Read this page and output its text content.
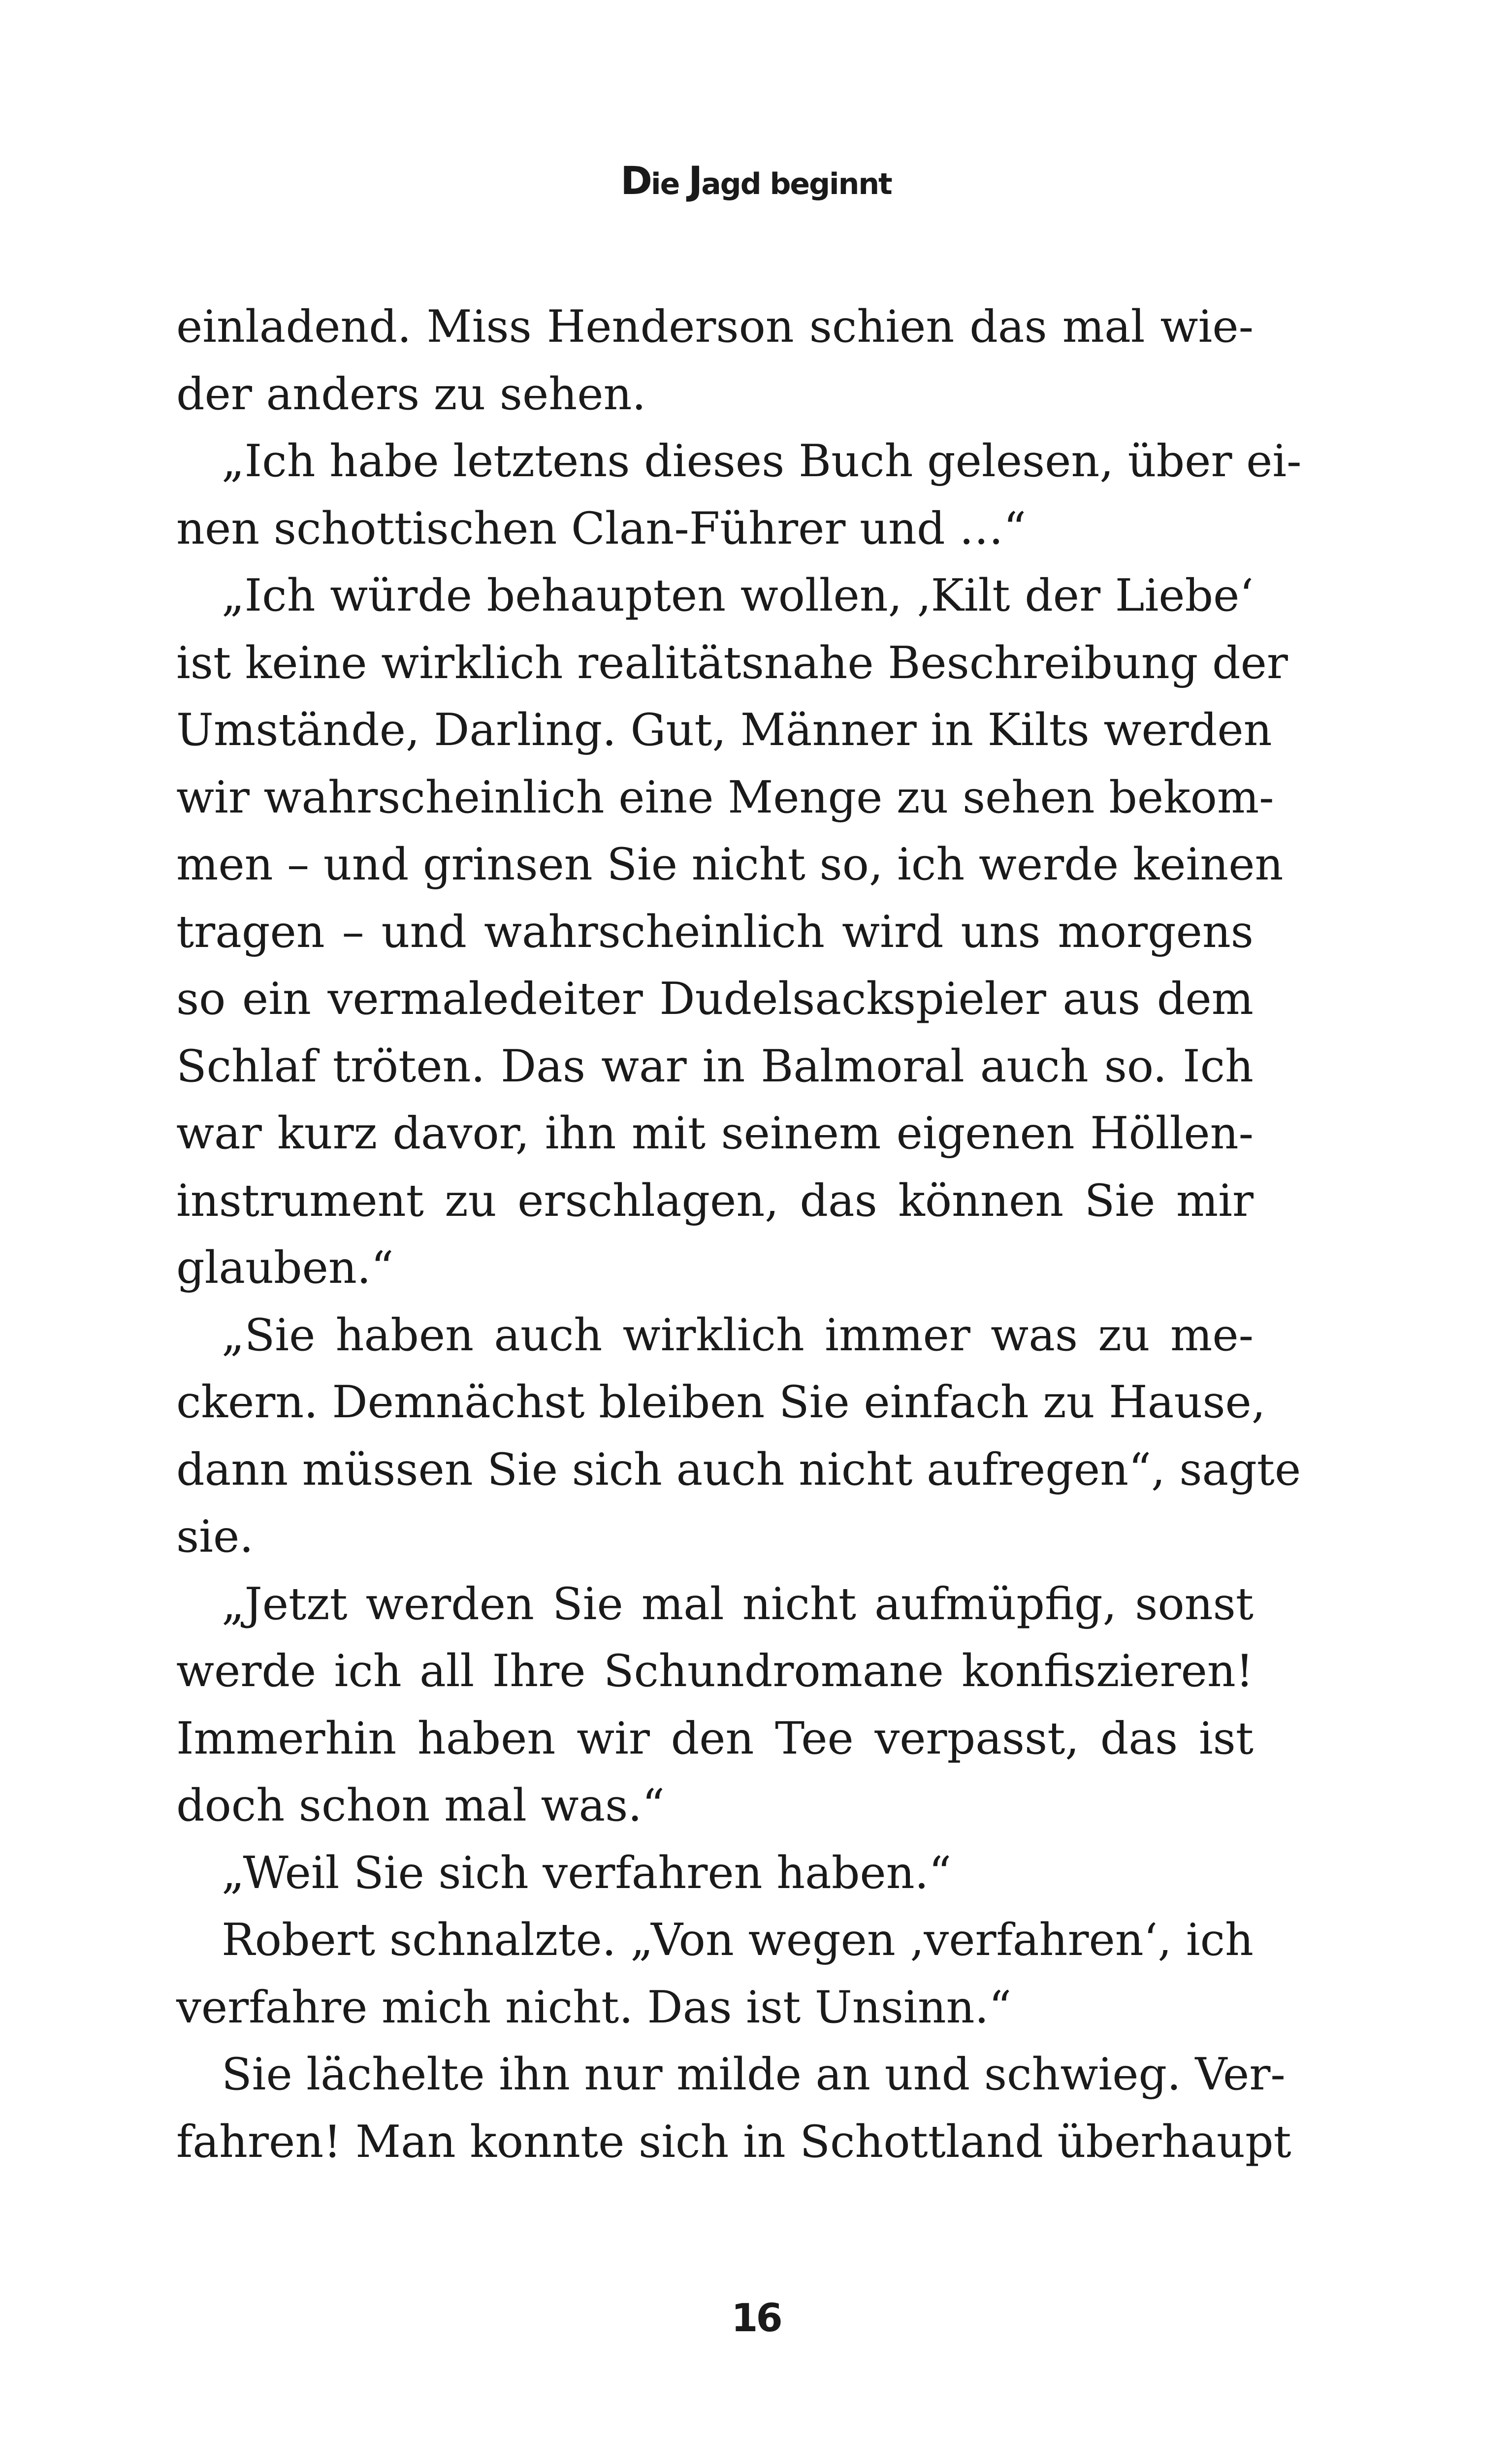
Die Jagd beginnt
einladend. Miss Henderson schien das mal wie-
der anders zu sehen.
„Ich habe letztens dieses Buch gelesen, über ei-
nen schottischen Clan-Führer und …“
„Ich würde behaupten wollen, ‚Kilt der Liebe‘
ist keine wirklich realitätsnahe Beschreibung der
Umstände, Darling. Gut, Männer in Kilts werden
wir wahrscheinlich eine Menge zu sehen bekom-
men – und grinsen Sie nicht so, ich werde keinen
tragen – und wahrscheinlich wird uns morgens
so ein vermaledeiter Dudelsackspieler aus dem
Schlaf tröten. Das war in Balmoral auch so. Ich
war kurz davor, ihn mit seinem eigenen Höllen-
instrument zu erschlagen, das können Sie mir
glauben.“
„Sie haben auch wirklich immer was zu me-
ckern. Demnächst bleiben Sie einfach zu Hause,
dann müssen Sie sich auch nicht aufregen“, sagte
sie.
„Jetzt werden Sie mal nicht aufmüpfig, sonst
werde ich all Ihre Schundromane konfiszieren!
Immerhin haben wir den Tee verpasst, das ist
doch schon mal was.“
„Weil Sie sich verfahren haben.“
Robert schnalzte. „Von wegen ‚verfahren‘, ich
verfahre mich nicht. Das ist Unsinn.“
Sie lächelte ihn nur milde an und schwieg. Ver-
fahren! Man konnte sich in Schottland überhaupt
16
